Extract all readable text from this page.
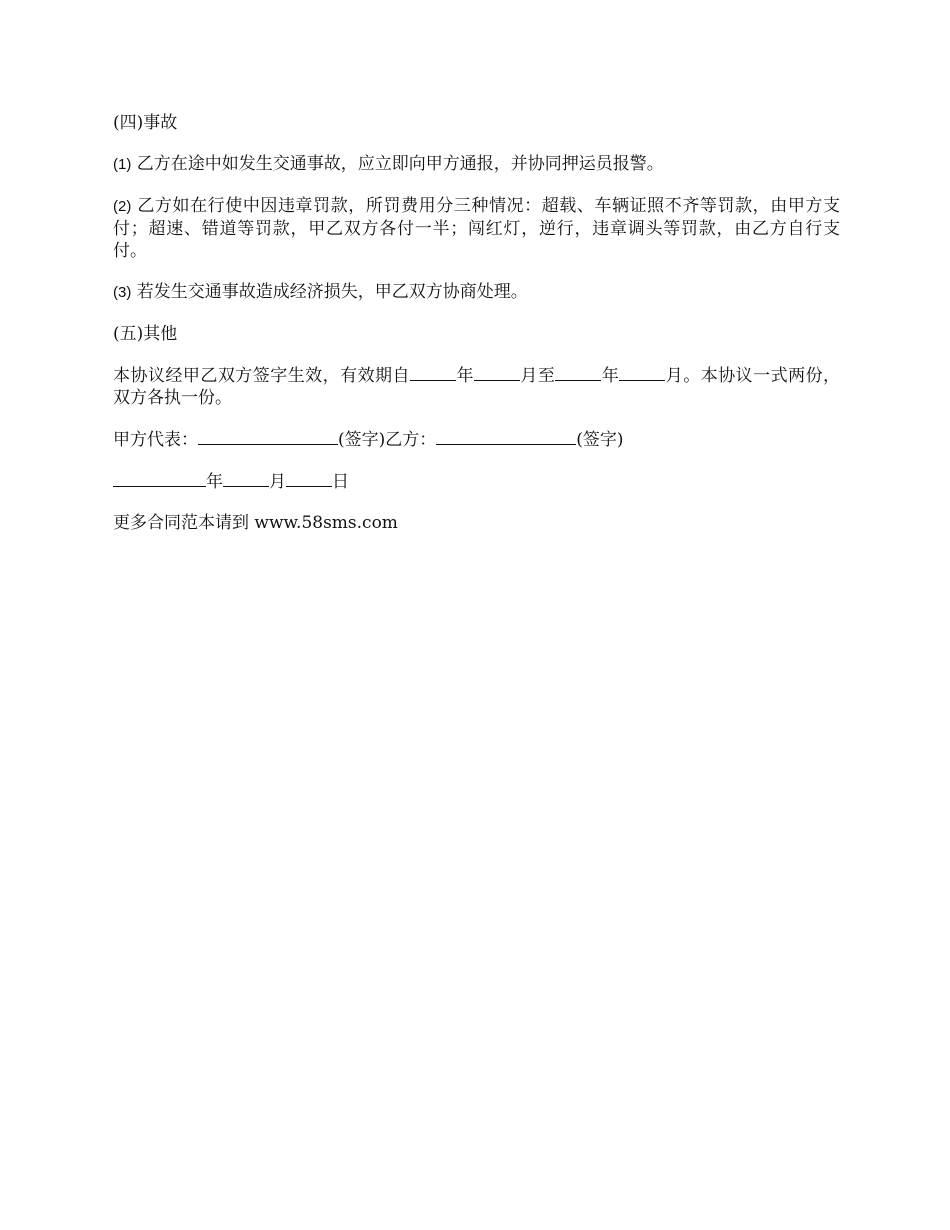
(四)事故

(1) 乙方在途中如发生交通事故，应立即向甲方通报，并协同押运员报警。

(2) 乙方如在行使中因违章罚款，所罚费用分三种情况：超载、车辆证照不齐等罚款，由甲方支付；超速、错道等罚款，甲乙双方各付一半；闯红灯，逆行，违章调头等罚款，由乙方自行支付。

(3) 若发生交通事故造成经济损失，甲乙双方协商处理。

(五)其他

本协议经甲乙双方签字生效，有效期自	年	月至	年	月。本协议一式两份，双方各执一份。

甲方代表：	(签字)乙方：	(签字)

年	月	日

更多合同范本请到 www.58sms.com
